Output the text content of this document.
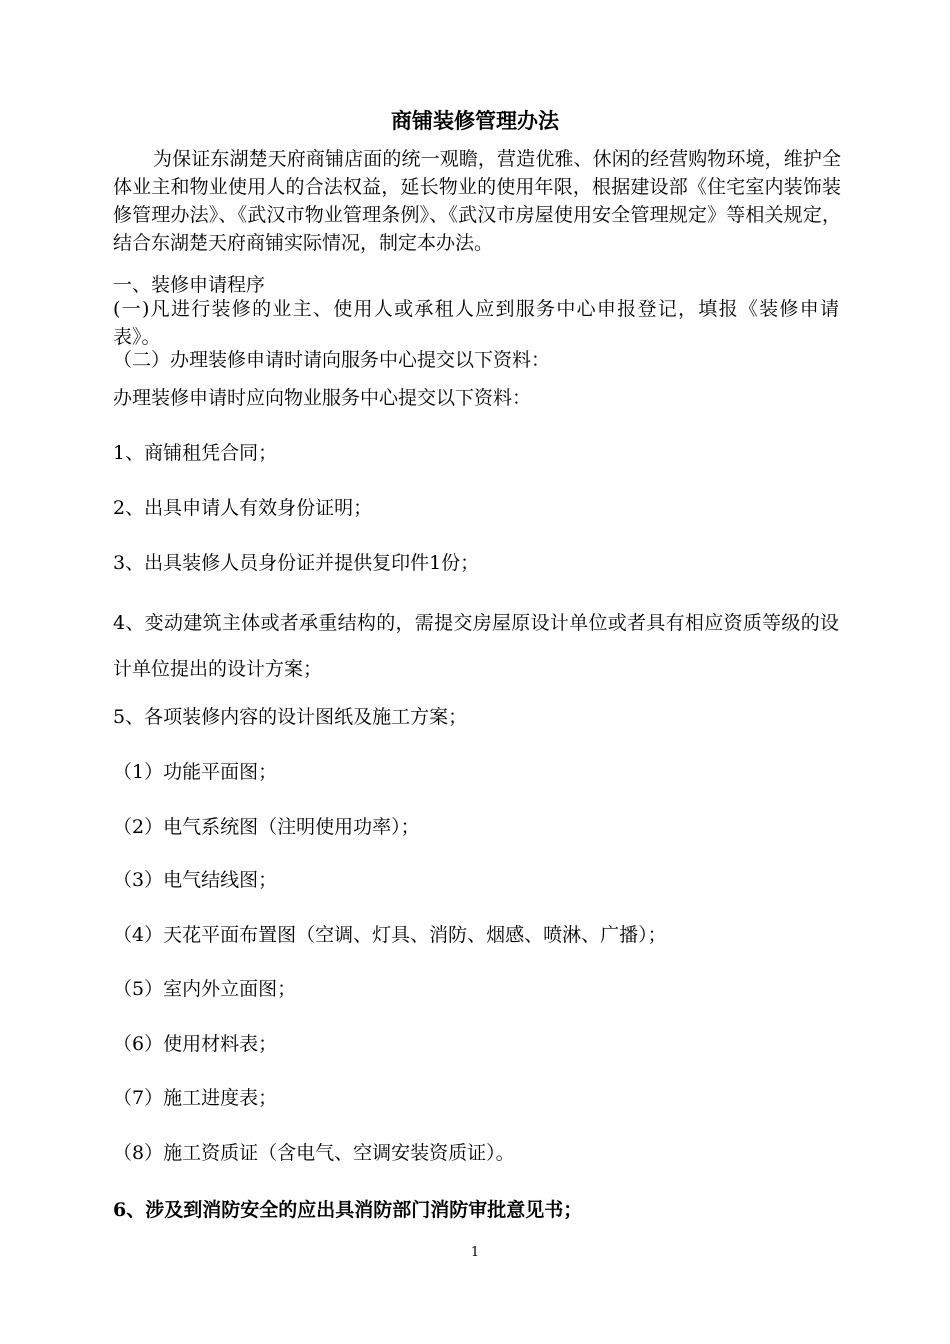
商铺装修管理办法
为保证东湖楚天府商铺店面的统一观瞻，营造优雅、休闲的经营购物环境，维护全体业主和物业使用人的合法权益，延长物业的使用年限，根据建设部《住宅室内装饰装修管理办法》、《武汉市物业管理条例》、《武汉市房屋使用安全管理规定》等相关规定，结合东湖楚天府商铺实际情况，制定本办法。
一、装修申请程序
(一)凡进行装修的业主、使用人或承租人应到服务中心申报登记，填报《装修申请表》。
（二）办理装修申请时请向服务中心提交以下资料：
办理装修申请时应向物业服务中心提交以下资料：
1、商铺租凭合同；
2、出具申请人有效身份证明；
3、出具装修人员身份证并提供复印件1份；
4、变动建筑主体或者承重结构的，需提交房屋原设计单位或者具有相应资质等级的设计单位提出的设计方案；
5、各项装修内容的设计图纸及施工方案；
（1）功能平面图；
（2）电气系统图（注明使用功率）；
（3）电气结线图；
（4）天花平面布置图（空调、灯具、消防、烟感、喷淋、广播）；
（5）室内外立面图；
（6）使用材料表；
（7）施工进度表；
（8）施工资质证（含电气、空调安装资质证）。
6、涉及到消防安全的应出具消防部门消防审批意见书；
1
